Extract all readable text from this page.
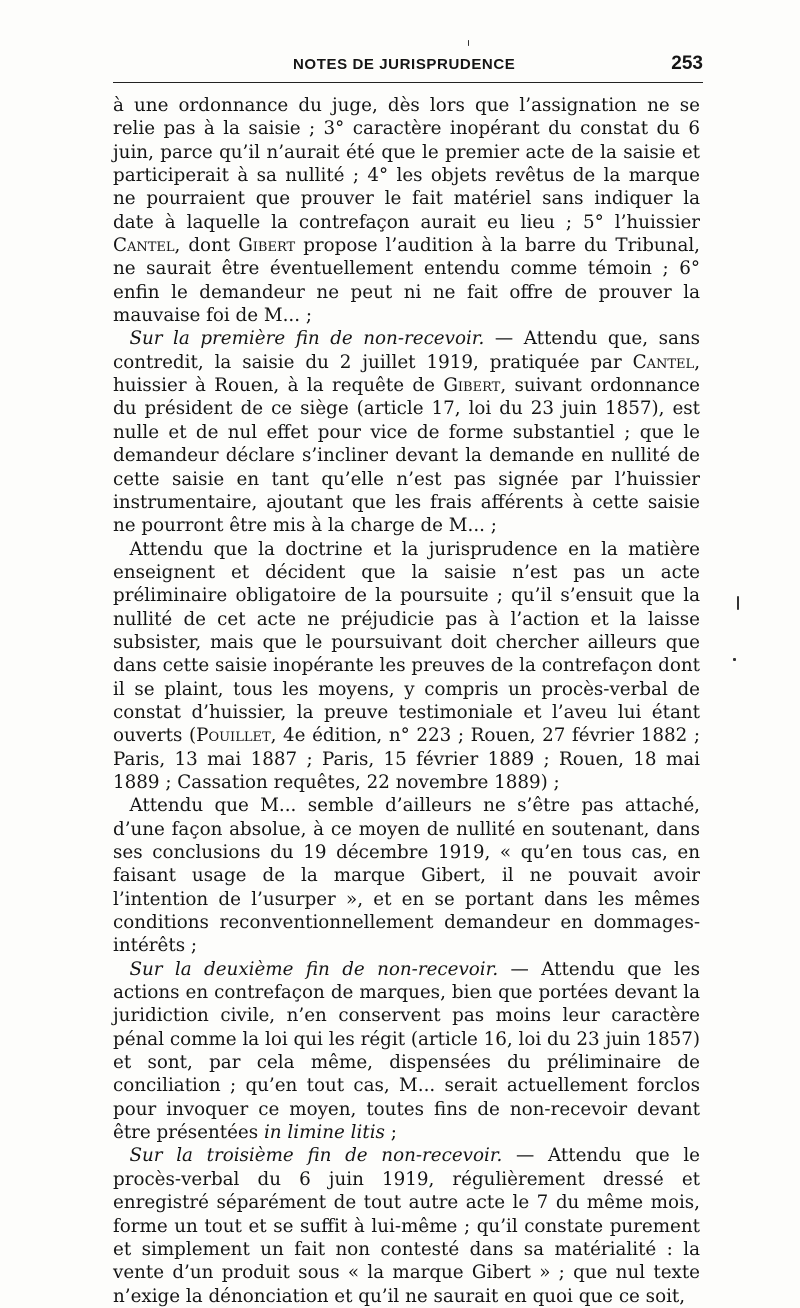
NOTES DE JURISPRUDENCE	253

à une ordonnance du juge, dès lors que l’assignation ne se relie pas à la saisie ; 3° caractère inopérant du constat du 6 juin, parce qu’il n’aurait été que le premier acte de la saisie et participerait à sa nullité ; 4° les objets revêtus de la marque ne pourraient que prouver le fait matériel sans indiquer la date à laquelle la contrefaçon aurait eu lieu ; 5° l’huissier Cantel, dont Gibert propose l’audition à la barre du Tribunal, ne saurait être éventuellement entendu comme témoin ; 6° enfin le demandeur ne peut ni ne fait offre de prouver la mauvaise foi de M... ;

Sur la première fin de non-recevoir. — Attendu que, sans contredit, la saisie du 2 juillet 1919, pratiquée par Cantel, huissier à Rouen, à la requête de Gibert, suivant ordonnance du président de ce siège (article 17, loi du 23 juin 1857), est nulle et de nul effet pour vice de forme substantiel ; que le demandeur déclare s’incliner devant la demande en nullité de cette saisie en tant qu’elle n’est pas signée par l’huissier instrumentaire, ajoutant que les frais afférents à cette saisie ne pourront être mis à la charge de M... ;

Attendu que la doctrine et la jurisprudence en la matière enseignent et décident que la saisie n’est pas un acte préliminaire obligatoire de la poursuite ; qu’il s’ensuit que la nullité de cet acte ne préjudicie pas à l’action et la laisse subsister, mais que le poursuivant doit chercher ailleurs que dans cette saisie inopérante les preuves de la contrefaçon dont il se plaint, tous les moyens, y compris un procès-verbal de constat d’huissier, la preuve testimoniale et l’aveu lui étant ouverts (Pouillet, 4e édition, n° 223 ; Rouen, 27 février 1882 ; Paris, 13 mai 1887 ; Paris, 15 février 1889 ; Rouen, 18 mai 1889 ; Cassation requêtes, 22 novembre 1889) ;

Attendu que M... semble d’ailleurs ne s’être pas attaché, d’une façon absolue, à ce moyen de nullité en soutenant, dans ses conclusions du 19 décembre 1919, « qu’en tous cas, en faisant usage de la marque Gibert, il ne pouvait avoir l’intention de l’usurper », et en se portant dans les mêmes conditions reconventionnellement demandeur en dommages-intérêts ;

Sur la deuxième fin de non-recevoir. — Attendu que les actions en contrefaçon de marques, bien que portées devant la juridiction civile, n’en conservent pas moins leur caractère pénal comme la loi qui les régit (article 16, loi du 23 juin 1857) et sont, par cela même, dispensées du préliminaire de conciliation ; qu’en tout cas, M... serait actuellement forclos pour invoquer ce moyen, toutes fins de non-recevoir devant être présentées in limine litis ;

Sur la troisième fin de non-recevoir. — Attendu que le procès-verbal du 6 juin 1919, régulièrement dressé et enregistré séparément de tout autre acte le 7 du même mois, forme un tout et se suffit à lui-même ; qu’il constate purement et simplement un fait non contesté dans sa matérialité : la vente d’un produit sous « la marque Gibert » ; que nul texte n’exige la dénonciation et qu’il ne saurait en quoi que ce soit,
